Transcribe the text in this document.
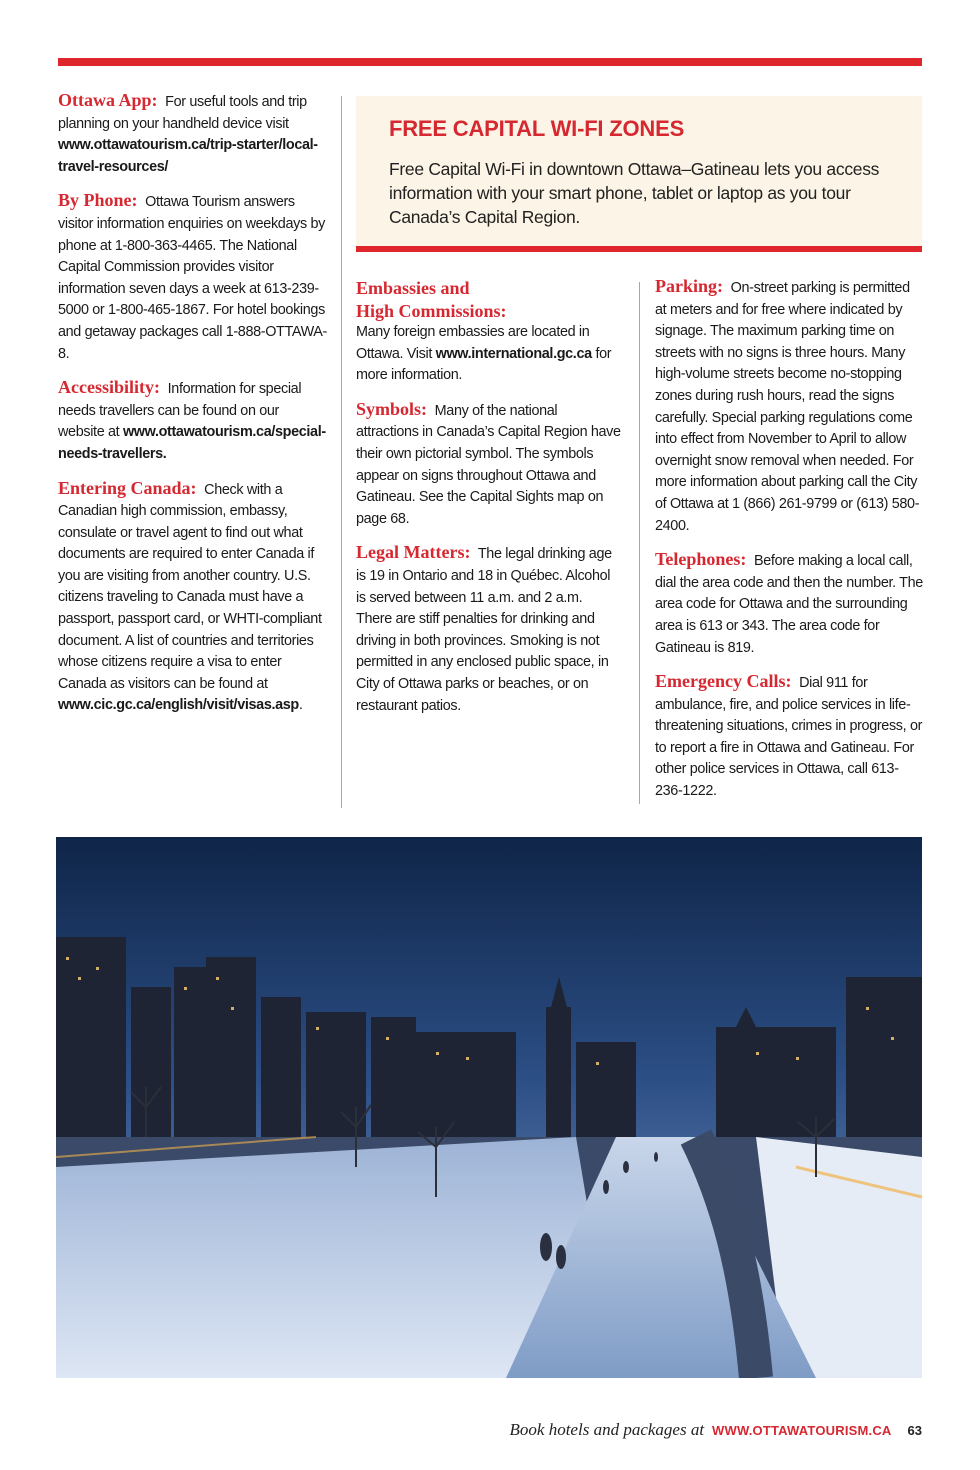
Ottawa App: For useful tools and trip planning on your handheld device visit www.ottawatourism.ca/trip-starter/local-travel-resources/

By Phone: Ottawa Tourism answers visitor information enquiries on weekdays by phone at 1-800-363-4465. The National Capital Commission provides visitor information seven days a week at 613-239-5000 or 1-800-465-1867. For hotel bookings and getaway packages call 1-888-OTTAWA-8.

Accessibility: Information for special needs travellers can be found on our website at www.ottawatourism.ca/special-needs-travellers.

Entering Canada: Check with a Canadian high commission, embassy, consulate or travel agent to find out what documents are required to enter Canada if you are visiting from another country. U.S. citizens traveling to Canada must have a passport, passport card, or WHTI-compliant document. A list of countries and territories whose citizens require a visa to enter Canada as visitors can be found at www.cic.gc.ca/english/visit/visas.asp.

FREE CAPITAL WI-FI ZONES
Free Capital Wi-Fi in downtown Ottawa–Gatineau lets you access information with your smart phone, tablet or laptop as you tour Canada’s Capital Region.

Embassies and
High Commissions:
Many foreign embassies are located in Ottawa. Visit www.international.gc.ca for more information.

Symbols: Many of the national attractions in Canada’s Capital Region have their own pictorial symbol. The symbols appear on signs throughout Ottawa and Gatineau. See the Capital Sights map on page 68.

Legal Matters: The legal drinking age is 19 in Ontario and 18 in Québec. Alcohol is served between 11 a.m. and 2 a.m. There are stiff penalties for drinking and driving in both provinces. Smoking is not permitted in any enclosed public space, in City of Ottawa parks or beaches, or on restaurant patios.

Parking: On-street parking is permitted at meters and for free where indicated by signage. The maximum parking time on streets with no signs is three hours. Many high-volume streets become no-stopping zones during rush hours, read the signs carefully. Special parking regulations come into effect from November to April to allow overnight snow removal when needed. For more information about parking call the City of Ottawa at 1 (866) 261-9799 or (613) 580-2400.

Telephones: Before making a local call, dial the area code and then the number. The area code for Ottawa and the surrounding area is 613 or 343. The area code for Gatineau is 819.

Emergency Calls: Dial 911 for ambulance, fire, and police services in life-threatening situations, crimes in progress, or to report a fire in Ottawa and Gatineau. For other police services in Ottawa, call 613-236-1222.

Book hotels and packages at WWW.OTTAWATOURISM.CA 63
